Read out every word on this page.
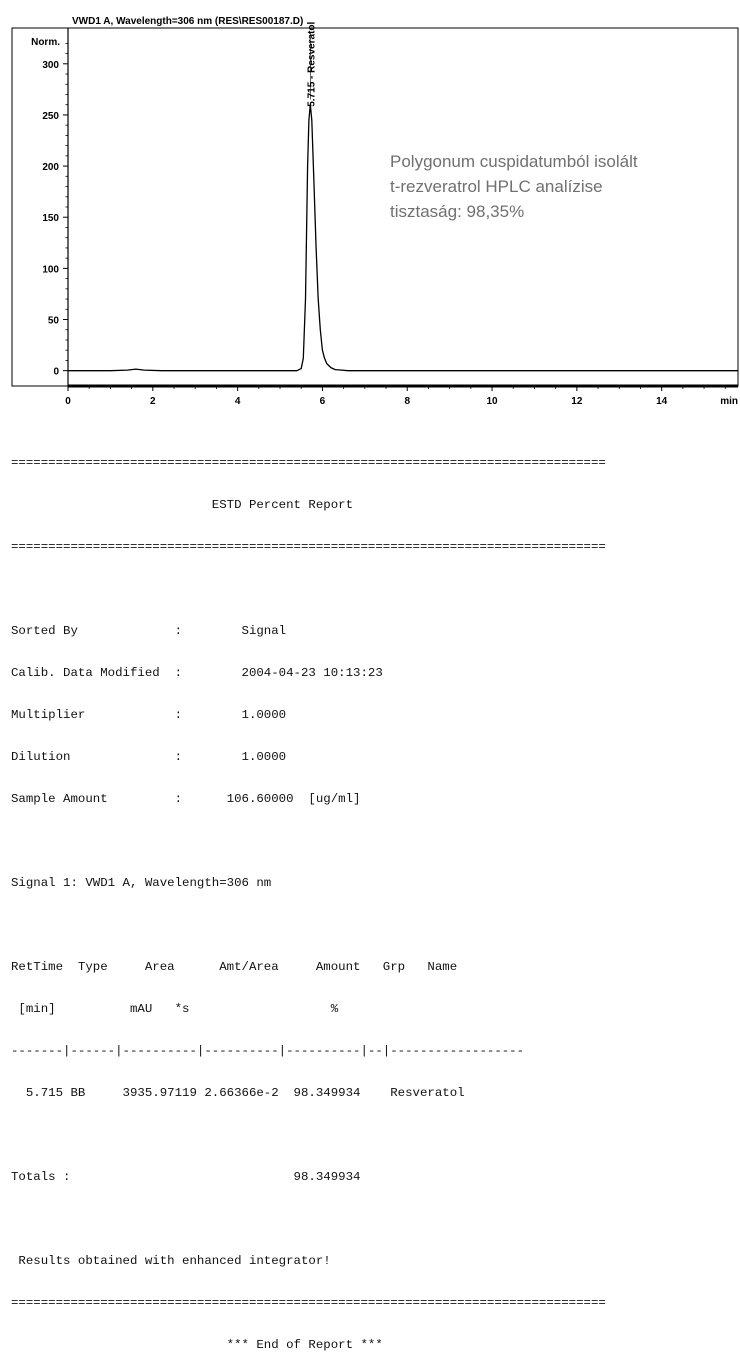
Norm.
0
50
100
150
200
250
300
0	2	4	6	8	10	12	14	min
5.715 - Resveratol
VWD1 A, Wavelength=306 nm (RES\RES00187.D)
Polygonum cuspidatumból isolált
t-rezveratrol HPLC analízise
tisztaság: 98,35%

================================================================================

ESTD Percent Report

================================================================================

Sorted By             :        Signal

Calib. Data Modified  :        2004-04-23 10:13:23

Multiplier            :        1.0000

Dilution              :        1.0000

Sample Amount         :      106.60000  [ug/ml]

Signal 1: VWD1 A, Wavelength=306 nm

RetTime  Type     Area      Amt/Area     Amount   Grp   Name

[min]          mAU   *s                   %

-------|------|----------|----------|----------|--|------------------

5.715 BB     3935.97119 2.66366e-2  98.349934    Resveratol

Totals :                              98.349934

Results obtained with enhanced integrator!

================================================================================

*** End of Report ***
